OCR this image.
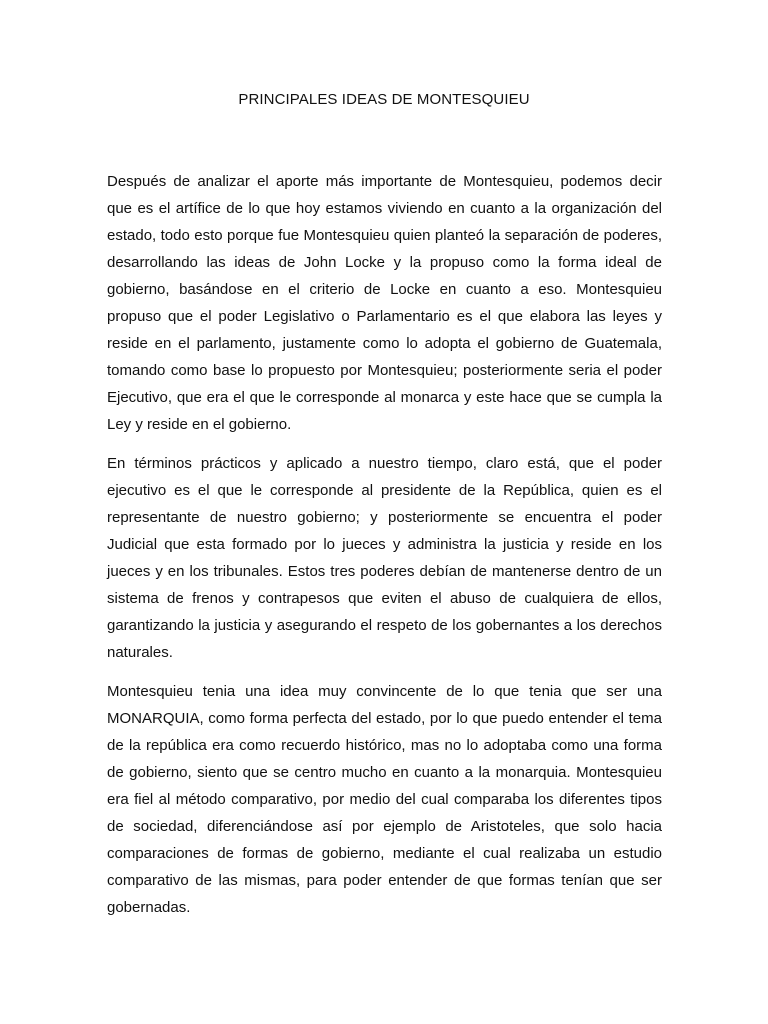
PRINCIPALES IDEAS DE MONTESQUIEU

Después de analizar el aporte más importante de Montesquieu, podemos decir
que es el artífice de lo que hoy estamos viviendo en cuanto a la organización del
estado, todo esto porque fue Montesquieu quien planteó la separación de poderes,
desarrollando las ideas de John Locke y la propuso como la forma ideal de
gobierno, basándose en el criterio de Locke en cuanto a eso. Montesquieu
propuso que el poder Legislativo o Parlamentario es el que elabora las leyes y
reside en el parlamento, justamente como lo adopta el gobierno de Guatemala,
tomando como base lo propuesto por Montesquieu; posteriormente seria el poder
Ejecutivo, que era el que le corresponde al monarca y este hace que se cumpla la
Ley y reside en el gobierno.

En términos prácticos y aplicado a nuestro tiempo, claro está, que el poder
ejecutivo es el que le corresponde al presidente de la República, quien es el
representante de nuestro gobierno; y posteriormente se encuentra el poder
Judicial que esta formado por lo jueces y administra la justicia y reside en los
jueces y en los tribunales. Estos tres poderes debían de mantenerse dentro de un
sistema de frenos y contrapesos que eviten el abuso de cualquiera de ellos,
garantizando la justicia y asegurando el respeto de los gobernantes a los derechos
naturales.

Montesquieu tenia una idea muy convincente de lo que tenia que ser una
MONARQUIA, como forma perfecta del estado, por lo que puedo entender el tema
de la república era como recuerdo histórico, mas no lo adoptaba como una forma
de gobierno, siento que se centro mucho en cuanto a la monarquia. Montesquieu
era fiel al método comparativo, por medio del cual comparaba los diferentes tipos
de sociedad, diferenciándose así por ejemplo de Aristoteles, que solo hacia
comparaciones de formas de gobierno, mediante el cual realizaba un estudio
comparativo de las mismas, para poder entender de que formas tenían que ser
gobernadas.
